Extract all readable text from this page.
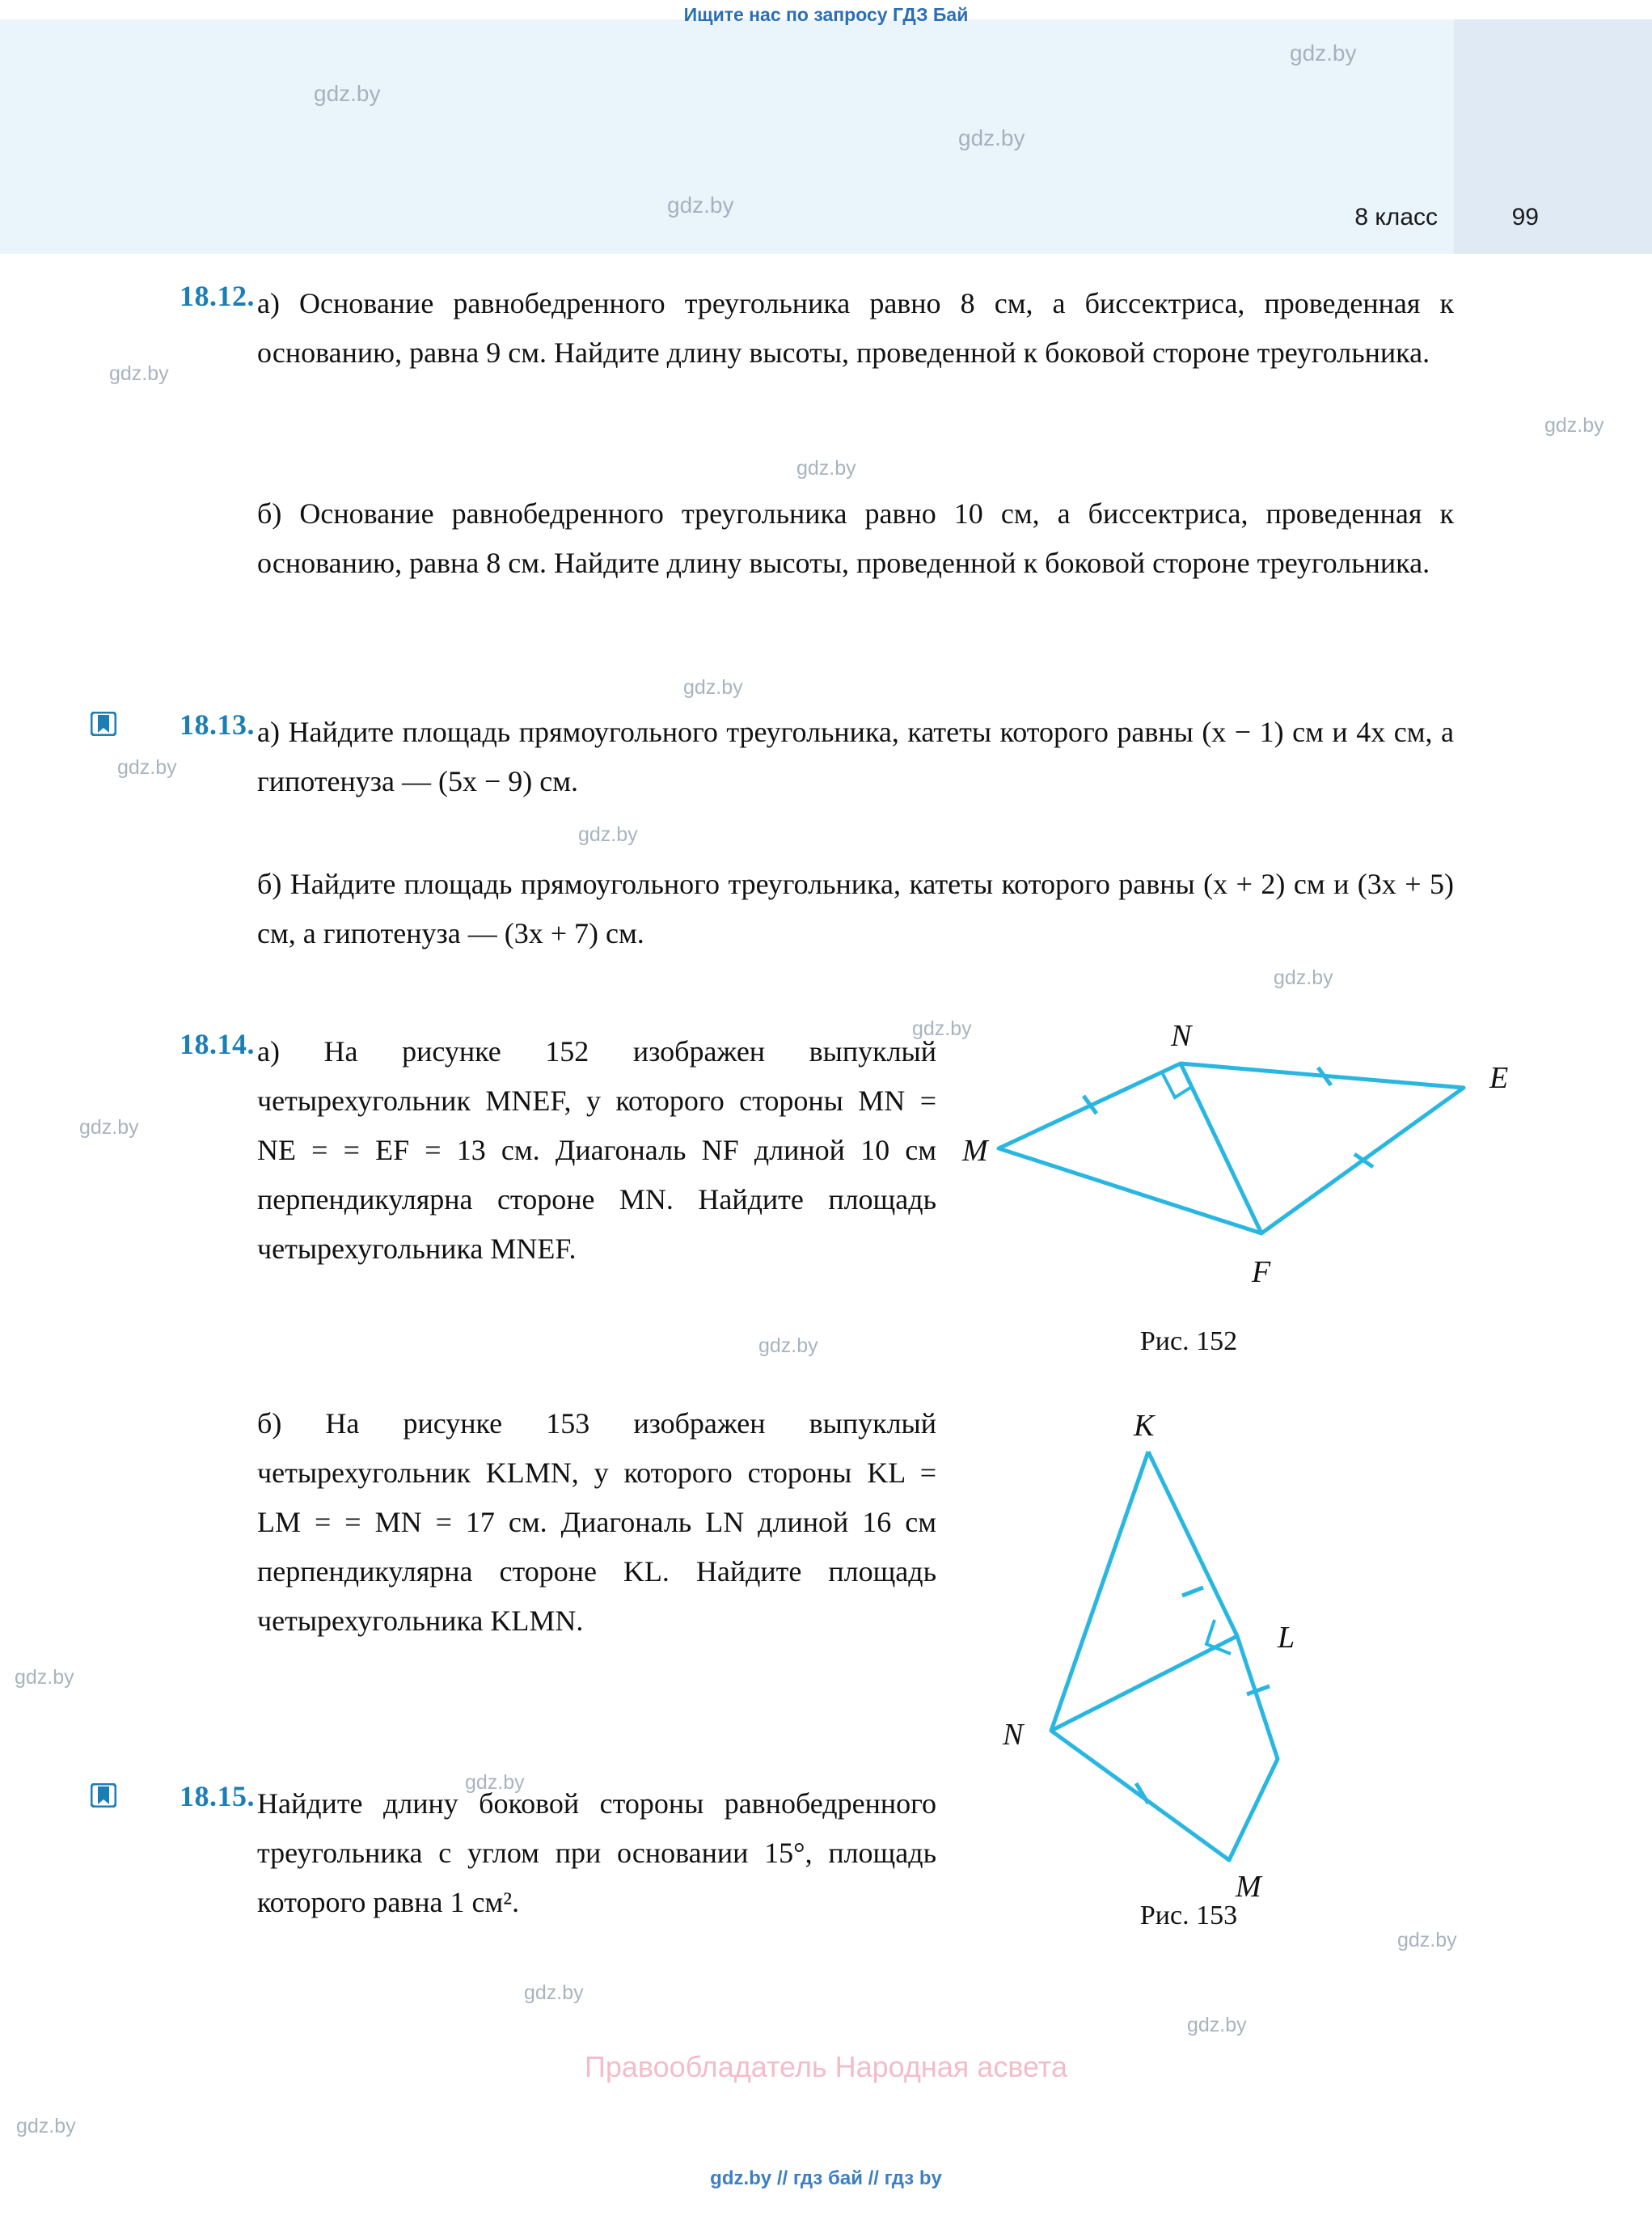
Ищите нас по запросу ГДЗ Бай
8 класс	99
gdz.by
gdz.by
gdz.by
gdz.by
gdz.by
gdz.by
gdz.by
gdz.by
gdz.by
gdz.by
gdz.by
gdz.by
gdz.by
gdz.by
gdz.by
gdz.by
gdz.by
gdz.by
gdz.by
gdz.by
18.12. а) Основание равнобедренного треугольника равно 8 см, а биссектриса, проведенная к основанию, равна 9 см. Найдите длину высоты, проведенной к боковой стороне треугольника.
б) Основание равнобедренного треугольника равно 10 см, а биссектриса, проведенная к основанию, равна 8 см. Найдите длину высоты, проведенной к боковой стороне треугольника.
18.13. а) Найдите площадь прямоугольного треугольника, катеты которого равны (x − 1) см и 4x см, а гипотенуза — (5x − 9) см.
б) Найдите площадь прямоугольного треугольника, катеты которого равны (x + 2) см и (3x + 5) см, а гипотенуза — (3x + 7) см.
18.14. а) На рисунке 152 изображен выпуклый четырехугольник MNEF, у которого стороны MN = NE = = EF = 13 см. Диагональ NF длиной 10 см перпендикулярна стороне MN. Найдите площадь четырехугольника MNEF.
б) На рисунке 153 изображен выпуклый четырехугольник KLMN, у которого стороны KL = LM = = MN = 17 см. Диагональ LN длиной 16 см перпендикулярна стороне KL. Найдите площадь четырехугольника KLMN.
M
N
E
F
Рис. 152
K
L
N
M
Рис. 153
18.15. Найдите длину боковой стороны равнобедренного треугольника с углом при основании 15°, площадь которого равна 1 см².
Правообладатель Народная асвета
gdz.by // гдз бай // гдз by
